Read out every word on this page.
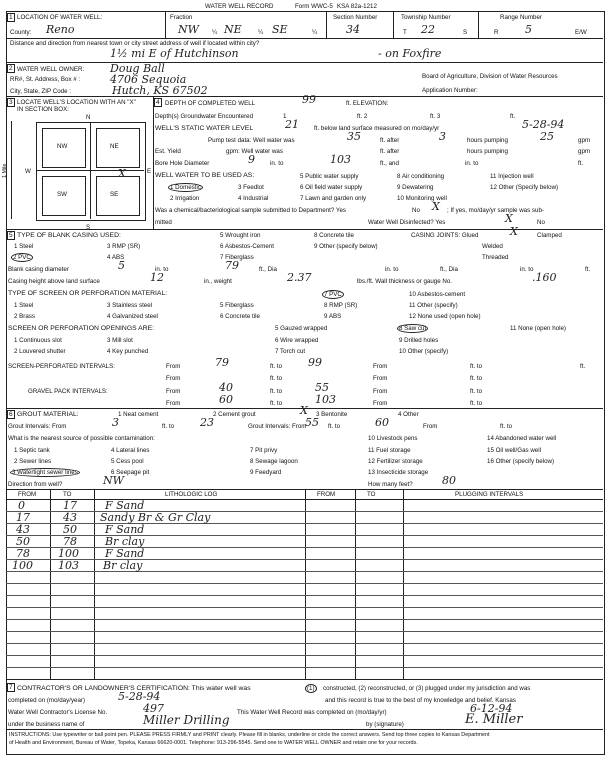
WATER WELL RECORD	Form WWC-5 KSA 82a-1212
1 LOCATION OF WATER WELL:
County: Reno
Fraction
NW ¼ NE	¼ SE	¼
Section Number
34
Township Number
T 22	S
Range Number
R 5	E/W
Distance and direction from nearest town or city street address of well if located within city?
1½ mi E of Hutchinson	- on Foxfire
2 WATER WELL OWNER: Doug Ball
RR#, St. Address, Box # :	4706 Sequoia
City, State, ZIP Code :	Hutch, KS 67502
Board of Agriculture, Division of Water Resources
Application Number:
3 LOCATE WELL'S LOCATION WITH AN "X" IN SECTION BOX:
N
S
W	E
1 Mile
NW	NE
SW	SE
X
4 DEPTH OF COMPLETED WELL	99	ft. ELEVATION:
Depth(s) Groundwater Encountered	1	ft. 2	ft. 3	ft.
WELL'S STATIC WATER LEVEL	21 ft. below land surface measured on mo/day/yr	5-28-94
Pump test data: Well water was	35	ft. after	3	hours pumping	25	gpm
Est. Yield	gpm: Well water was	ft. after	hours pumping	gpm
Bore Hole Diameter	9 in. to	103	ft., and	in. to	ft.
WELL WATER TO BE USED AS:
1 Domestic
2 Irrigation
3 Feedlot
4 Industrial
5 Public water supply
6 Oil field water supply
7 Lawn and garden only
8 Air conditioning
9 Dewatering
10 Monitoring well
11 Injection well
12 Other (Specify below)
Was a chemical/bacteriological sample submitted to Department? Yes	No X ; If yes, mo/day/yr sample was sub-
mitted	Water Well Disinfected? Yes	X	No
5 TYPE OF BLANK CASING USED:
1 Steel
2 PVC
3 RMP (SR)
4 ABS
5 Wrought iron
6 Asbestos-Cement
7 Fiberglass
8 Concrete tile
9 Other (specify below)
CASING JOINTS: Glued	X	Clamped
Welded
Threaded
Blank casing diameter	5	in. to	79	ft., Dia	in. to	ft., Dia	in. to	ft.
Casing height above land surface	12	in., weight	2.37	lbs./ft. Wall thickness or gauge No.	.160
TYPE OF SCREEN OR PERFORATION MATERIAL:
1 Steel
2 Brass
3 Stainless steel
4 Galvanized steel
5 Fiberglass
6 Concrete tile
7 PVC
8 RMP (SR)
9 ABS
10 Asbestos-cement
11 Other (specify)
12 None used (open hole)
SCREEN OR PERFORATION OPENINGS ARE:
1 Continuous slot
2 Louvered shutter
3 Mill slot
4 Key punched
5 Gauzed wrapped
6 Wire wrapped
7 Torch cut
8 Saw cut
9 Drilled holes
10 Other (specify)
11 None (open hole)
SCREEN-PERFORATED INTERVALS:	From	79	ft. to 99	From	ft. to	ft.
From	ft. to	From	ft. to
GRAVEL PACK INTERVALS:	From	40	ft. to	55	From	ft. to
From	60	ft. to	103	From	ft. to
6 GROUT MATERIAL:	1 Neat cement	2 Cement grout	X 3 Bentonite	4 Other
Grout Intervals: From	3	ft. to 23	Grout Intervals: From
55 ft. to	60	From	ft. to
What is the nearest source of possible contamination:
1 Septic tank
2 Sewer lines
3 Watertight sewer lines
4 Lateral lines
5 Cess pool
6 Seepage pit
7 Pit privy
8 Sewage lagoon
9 Feedyard
10 Livestock pens
11 Fuel storage
12 Fertilizer storage
13 Insecticide storage
14 Abandoned water well
15 Oil well/Gas well
16 Other (specify below)
Direction from well?	NW	How many feet?	80
FROM	TO	LITHOLOGIC LOG	FROM	TO	PLUGGING INTERVALS
0	17	F Sand
17	43 Sandy Br & Gr Clay
43	50	F Sand
50	78	Br clay
78	100 F Sand
100 103 Br clay
7 CONTRACTOR'S OR LANDOWNER'S CERTIFICATION: This water well was	(1)	constructed, (2) reconstructed, or (3) plugged under my jurisdiction and was
completed on (mo/day/year)	5-28-94	and this record is true to the best of my knowledge and belief. Kansas
Water Well Contractor's License No.	497	This Water Well Record was completed on (mo/day/yr)	6-12-94
under the business name of	Miller Drilling	by (signature)	E. Miller
INSTRUCTIONS: Use typewriter or ball point pen. PLEASE PRESS FIRMLY and PRINT clearly. Please fill in blanks, underline or circle the correct answers. Send top three copies to Kansas Department
of Health and Environment, Bureau of Water, Topeka, Kansas 66620-0001. Telephone: 913-296-5545. Send one to WATER WELL OWNER and retain one for your records.
